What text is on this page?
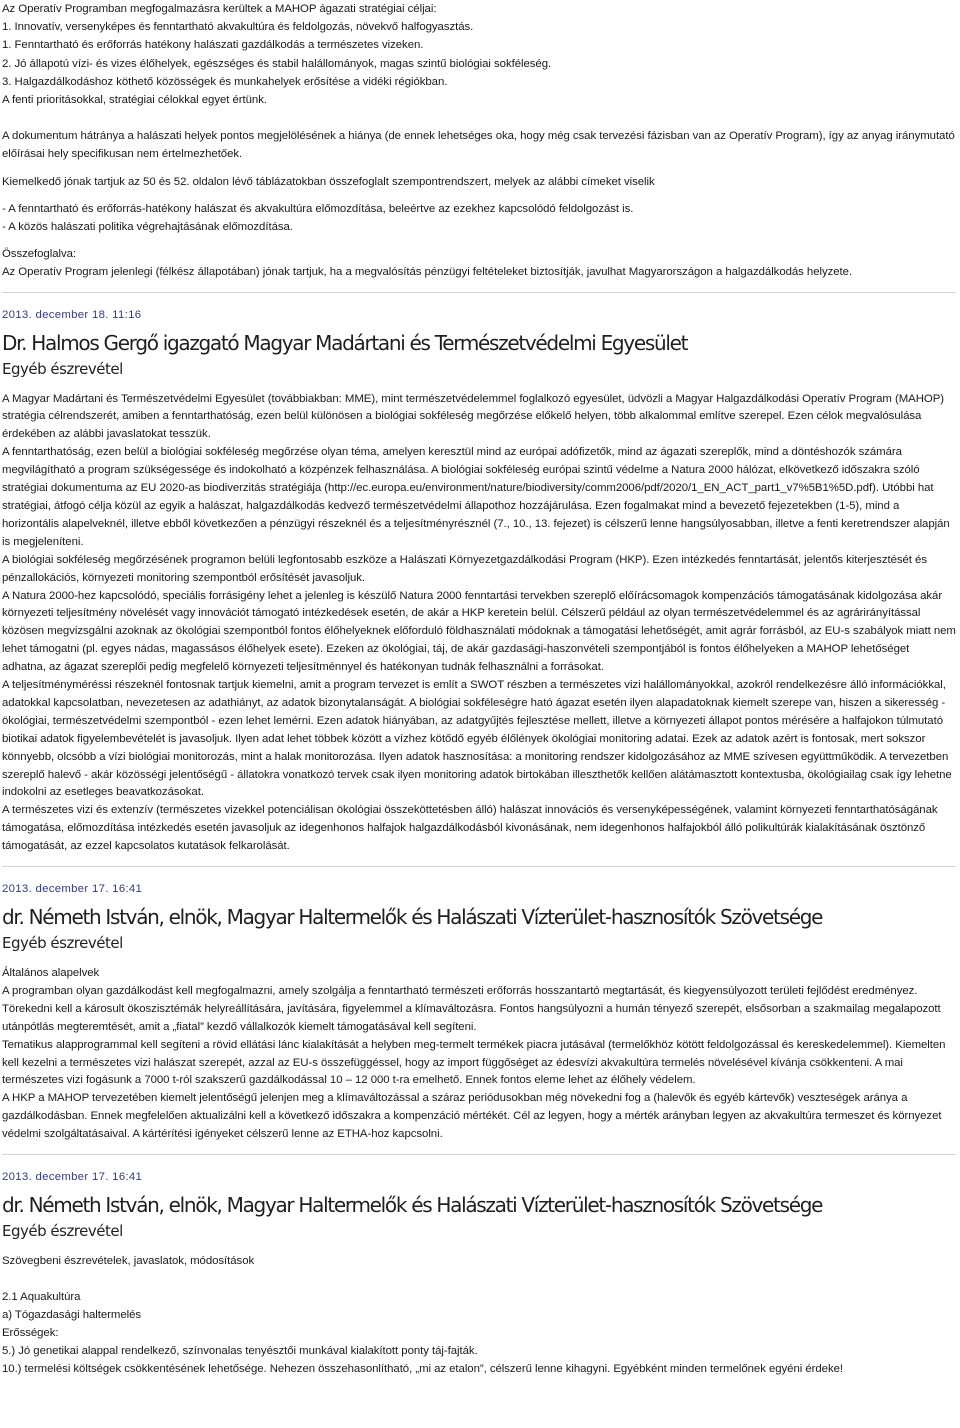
Az Operatív Programban megfogalmazásra kerültek a MAHOP ágazati stratégiai céljai:

1. Innovatív, versenyképes és fenntartható akvakultúra és feldolgozás, növekvő halfogyasztás.

1. Fenntartható és erőforrás hatékony halászati gazdálkodás a természetes vizeken.

2. Jó állapotú vízi- és vizes élőhelyek, egészséges és stabil halállományok, magas szintű biológiai sokféleség.

3. Halgazdálkodáshoz köthető közösségek és munkahelyek erősítése a vidéki régiókban.

A fenti prioritásokkal, stratégiai célokkal egyet értünk.

A dokumentum hátránya a halászati helyek pontos megjelölésének a hiánya (de ennek lehetséges oka, hogy még csak tervezési fázisban van az Operatív Program), így az anyag iránymutató előírásai hely specifikusan nem értelmezhetőek.

Kiemelkedő jónak tartjuk az 50 és 52. oldalon lévő táblázatokban összefoglalt szempontrendszert, melyek az alábbi címeket viselik

- A fenntartható és erőforrás-hatékony halászat és akvakultúra előmozdítása, beleértve az ezekhez kapcsolódó feldolgozást is.

- A közös halászati politika végrehajtásának előmozdítása.

Összefoglalva:

Az Operatív Program jelenlegi (félkész állapotában) jónak tartjuk, ha a megvalósítás pénzügyi feltételeket biztosítják, javulhat Magyarországon a halgazdálkodás helyzete.

2013. december 18. 11:16

Dr. Halmos Gergő igazgató Magyar Madártani és Természetvédelmi Egyesület
Egyéb észrevétel

A Magyar Madártani és Természetvédelmi Egyesület (továbbiakban: MME), mint természetvédelemmel foglalkozó egyesület, üdvözli a Magyar Halgazdálkodási Operatív Program (MAHOP) stratégia célrendszerét, amiben a fenntarthatóság, ezen belül különösen a biológiai sokféleség megőrzése előkelő helyen, több alkalommal említve szerepel. Ezen célok megvalósulása érdekében az alábbi javaslatokat tesszük.

A fenntarthatóság, ezen belül a biológiai sokféleség megőrzése olyan téma, amelyen keresztül mind az európai adófizetők, mind az ágazati szereplők, mind a döntéshozók számára megvilágítható a program szükségessége és indokolható a közpénzek felhasználása. A biológiai sokféleség európai szintű védelme a Natura 2000 hálózat, elkövetkező időszakra szóló stratégiai dokumentuma az EU 2020-as biodiverzitás stratégiája (http://ec.europa.eu/environment/nature/biodiversity/comm2006/pdf/2020/1_EN_ACT_part1_v7%5B1%5D.pdf). Utóbbi hat stratégiai, átfogó célja közül az egyik a halászat, halgazdálkodás kedvező természetvédelmi állapothoz hozzájárulása. Ezen fogalmakat mind a bevezető fejezetekben (1-5), mind a horizontális alapelveknél, illetve ebből következően a pénzügyi részeknél és a teljesítményrésznél (7., 10., 13. fejezet) is célszerű lenne hangsúlyosabban, illetve a fenti keretrendszer alapján is megjeleníteni.

A biológiai sokféleség megőrzésének programon belüli legfontosabb eszköze a Halászati Környezetgazdálkodási Program (HKP). Ezen intézkedés fenntartását, jelentős kiterjesztését és pénzallokációs, környezeti monitoring szempontból erősítését javasoljuk.

A Natura 2000-hez kapcsolódó, speciális forrásigény lehet a jelenleg is készülő Natura 2000 fenntartási tervekben szereplő előírácsomagok kompenzációs támogatásának kidolgozása akár környezeti teljesítmény növelését vagy innovációt támogató intézkedések esetén, de akár a HKP keretein belül. Célszerű például az olyan természetvédelemmel és az agrárirányítással közösen megvizsgálni azoknak az ökológiai szempontból fontos élőhelyeknek előforduló földhasználati módoknak a támogatási lehetőségét, amit agrár forrásból, az EU-s szabályok miatt nem lehet támogatni (pl. egyes nádas, magassásos élőhelyek esete). Ezeken az ökológiai, táj, de akár gazdasági-haszonvételi szempontjából is fontos élőhelyeken a MAHOP lehetőséget adhatna, az ágazat szereplői pedig megfelelő környezeti teljesítménnyel és hatékonyan tudnák felhasználni a forrásokat.

A teljesítményméréssi részeknél fontosnak tartjuk kiemelni, amit a program tervezet is említ a SWOT részben a természetes vizi halállományokkal, azokról rendelkezésre álló információkkal, adatokkal kapcsolatban, nevezetesen az adathiányt, az adatok bizonytalanságát. A biológiai sokféleségre ható ágazat esetén ilyen alapadatoknak kiemelt szerepe van, hiszen a sikeresség - ökológiai, természetvédelmi szempontból - ezen lehet lemérni. Ezen adatok hiányában, az adatgyűjtés fejlesztése mellett, illetve a környezeti állapot pontos mérésére a halfajokon túlmutató biotikai adatok figyelembevételét is javasoljuk. Ilyen adat lehet többek között a vízhez kötődő egyéb élőlények ökológiai monitoring adatai. Ezek az adatok azért is fontosak, mert sokszor könnyebb, olcsóbb a vízi biológiai monitorozás, mint a halak monitorozása. Ilyen adatok hasznosítása: a monitoring rendszer kidolgozásához az MME szívesen együttműködik. A tervezetben szereplő halevő - akár közösségi jelentőségű - állatokra vonatkozó tervek csak ilyen monitoring adatok birtokában illeszthetők kellően alátámasztott kontextusba, ökológiailag csak így lehetne indokolni az esetleges beavatkozásokat.

A természetes vizi és extenzív (természetes vizekkel potenciálisan ökológiai összeköttetésben álló) halászat innovációs és versenyképességének, valamint környezeti fenntarthatóságának támogatása, előmozdítása intézkedés esetén javasoljuk az idegenhonos halfajok halgazdálkodásból kivonásának, nem idegenhonos halfajokból álló polikultúrák kialakításának ösztönző támogatását, az ezzel kapcsolatos kutatások felkarolását.

2013. december 17. 16:41

dr. Németh István, elnök, Magyar Haltermelők és Halászati Vízterület-hasznosítók Szövetsége
Egyéb észrevétel

Általános alapelvek

A programban olyan gazdálkodást kell megfogalmazni, amely szolgálja a fenntartható természeti erőforrás hosszantartó megtartását, és kiegyensúlyozott területi fejlődést eredményez. Törekedni kell a károsult ökoszisztémák helyreállítására, javítására, figyelemmel a klímaváltozásra. Fontos hangsúlyozni a humán tényező szerepét, elsősorban a szakmailag megalapozott utánpótlás megteremtését, amit a „fiatal” kezdő vállalkozók kiemelt támogatásával kell segíteni.

Tematikus alapprogrammal kell segíteni a rövid ellátási lánc kialakítását a helyben meg-termelt termékek piacra jutásával (termelőkhöz kötött feldolgozással és kereskedelemmel). Kiemelten kell kezelni a természetes vizi halászat szerepét, azzal az EU-s összefüggéssel, hogy az import függőséget az édesvízi akvakultúra termelés növelésével kívánja csökkenteni. A mai természetes vizi fogásunk a 7000 t-ról szakszerű gazdálkodással 10 – 12 000 t-ra emelhető. Ennek fontos eleme lehet az élőhely védelem.

A HKP a MAHOP tervezetében kiemelt jelentőségű jelenjen meg a klímaváltozással a száraz periódusokban még növekedni fog a (halevők és egyéb kártevők) veszteségek aránya a gazdálkodásban. Ennek megfelelően aktualizálni kell a következő időszakra a kompenzáció mértékét. Cél az legyen, hogy a mérték arányban legyen az akvakultúra termeszet és környezet védelmi szolgáltatásaival. A kártérítési igényeket célszerű lenne az ETHA-hoz kapcsolni.

2013. december 17. 16:41

dr. Németh István, elnök, Magyar Haltermelők és Halászati Vízterület-hasznosítók Szövetsége
Egyéb észrevétel

Szövegbeni észrevételek, javaslatok, módosítások

2.1 Aquakultúra

a) Tógazdasági haltermelés

Erősségek:

5.) Jó genetikai alappal rendelkező, színvonalas tenyésztői munkával kialakított ponty táj-fajták.

10.) termelési költségek csökkentésének lehetősége. Nehezen összehasonlítható, „mi az etalon”, célszerű lenne kihagyni. Egyébként minden termelőnek egyéni érdeke!
